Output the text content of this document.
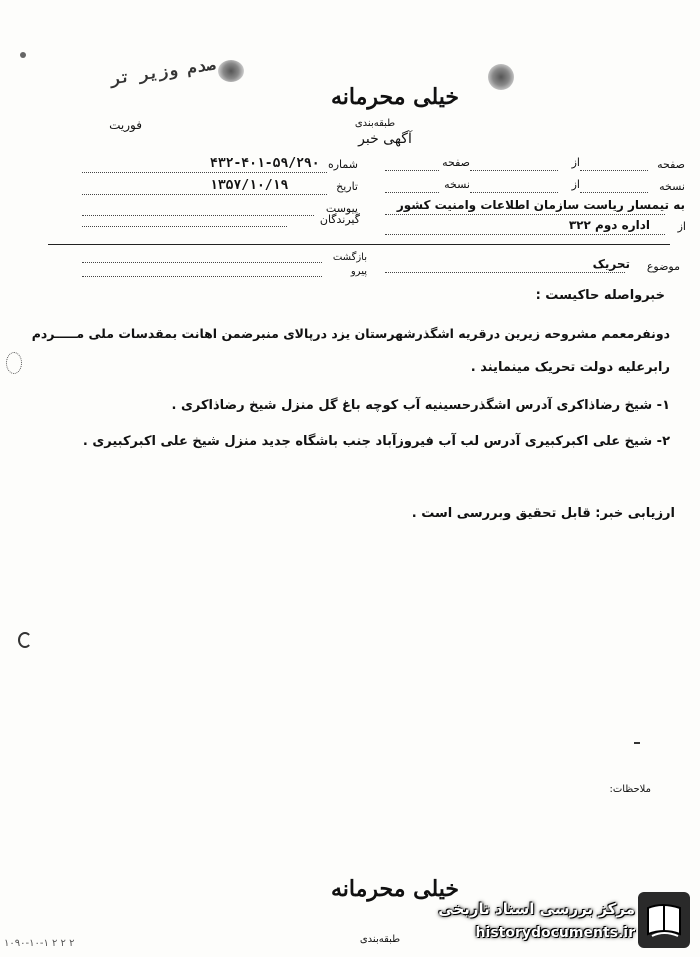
صدم وزیر تر
خیلی محرمانه
طبقه‌بندی
فوریت
آگهی خبر
شماره
۴۳۲-۴۰۱-۵۹/۲۹۰
تاریخ
۱۳۵۷/۱۰/۱۹
پیوست
گیرندگان
صفحه
از
صفحه
نسخه
از
نسخه
به تیمسار ریاست سازمان اطلاعات وامنیت کشور
از
اداره دوم ۳۲۲
بازگشت
پیرو	موضوع
تحریک
خبرواصله حاکیست :
دونفرمعمم مشروحه زیرین درقریه اشگذرشهرستان یزد درپالای منبرضمن اهانت بمقدسات ملی مـــــردم
رابرعلیه دولت تحریک مینمایند .
۱- شیخ رضاذاکری آدرس اشگذرحسینیه آب کوچه باغ گل منزل شیخ رضاذاکری .
۲- شیخ علی اکبرکبیری آدرس لب آب فیروزآباد جنب باشگاه جدید منزل شیخ علی اکبرکبیری .
ارزیابی خبر: قابل تحقیق وبررسی است .
ملاحظات:
خیلی محرمانه
طبقه‌بندی
۱۰۹۰-۱۰-۱ ۲ ۲ ۲
مرکز بررسی اسناد تاریخی
historydocuments.ir
